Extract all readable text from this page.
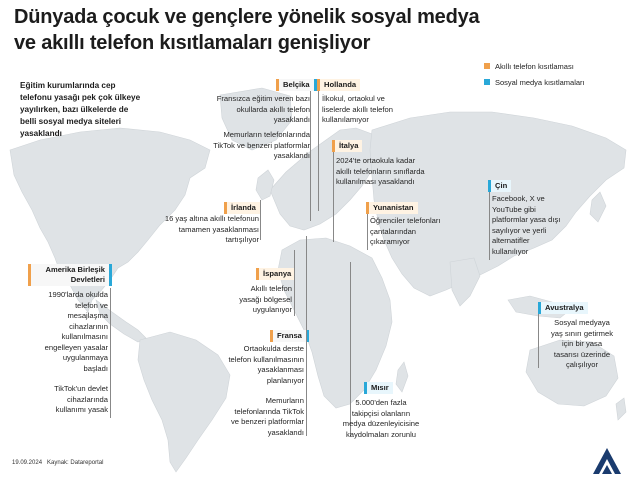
Dünyada çocuk ve gençlere yönelik sosyal medya
ve akıllı telefon kısıtlamaları genişliyor
Akıllı telefon kısıtlaması
Sosyal medya kısıtlamaları
Eğitim kurumlarında cep
telefonu yasağı pek çok ülkeye
yayılırken, bazı ülkelerde de
belli sosyal medya siteleri
yasaklandı
Belçika
Fransızca eğitim veren bazı
okullarda akıllı telefon
yasaklandı
Memurların telefonlarında
TikTok ve benzeri platformlar
yasaklandı
Hollanda
İlkokul, ortaokul ve
liselerde akıllı telefon
kullanılamıyor
İtalya
2024'te ortaokula kadar
akıllı telefonların sınıflarda
kullanılması yasaklandı
İrlanda
16 yaş altına akıllı telefonun
tamamen yasaklanması
tartışılıyor
Yunanistan
Öğrenciler telefonları
çantalarından
çıkaramıyor
Çin
Facebook, X ve
YouTube gibi
platformlar yasa dışı
sayılıyor ve yerli
alternatifler
kullanılıyor
Amerika Birleşik
Devletleri
1990'larda okulda
telefon ve
mesajlaşma
cihazlarının
kullanılmasını
engelleyen yasalar
uygulanmaya
başladı
TikTok'un devlet
cihazlarında
kullanımı yasak
İspanya
Akıllı telefon
yasağı bölgesel
uygulanıyor	Avustralya
Sosyal medyaya
yaş sınırı getirmek
için bir yasa
tasarısı üzerinde
çalışılıyor
Fransa
Ortaokulda derste
telefon kullanılmasının
yasaklanması
planlanıyor
Memurların
telefonlarında TikTok
ve benzeri platformlar
yasaklandı
Mısır
5.000'den fazla
takipçisi olanların
medya düzenleyicisine
kaydolmaları zorunlu
19.09.2024 Kaynak: Datareportal
